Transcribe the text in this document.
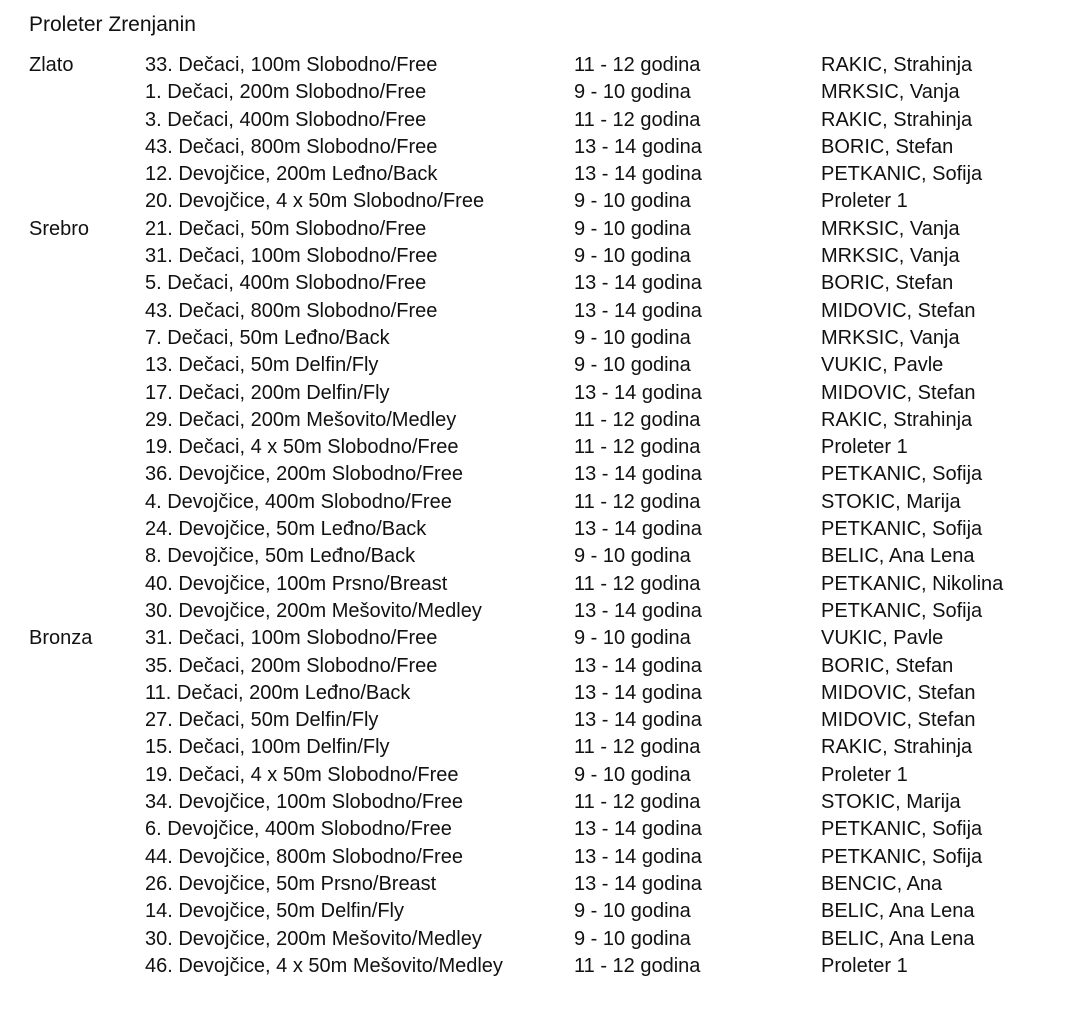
Proleter Zrenjanin
Zlato	33. Dečaci, 100m Slobodno/Free	11 - 12 godina	RAKIC, Strahinja
1. Dečaci, 200m Slobodno/Free	9 - 10 godina	MRKSIC, Vanja
3. Dečaci, 400m Slobodno/Free	11 - 12 godina	RAKIC, Strahinja
43. Dečaci, 800m Slobodno/Free	13 - 14 godina	BORIC, Stefan
12. Devojčice, 200m Leđno/Back	13 - 14 godina	PETKANIC, Sofija
20. Devojčice, 4 x 50m Slobodno/Free	9 - 10 godina	Proleter 1
Srebro	21. Dečaci, 50m Slobodno/Free	9 - 10 godina	MRKSIC, Vanja
31. Dečaci, 100m Slobodno/Free	9 - 10 godina	MRKSIC, Vanja
5. Dečaci, 400m Slobodno/Free	13 - 14 godina	BORIC, Stefan
43. Dečaci, 800m Slobodno/Free	13 - 14 godina	MIDOVIC, Stefan
7. Dečaci, 50m Leđno/Back	9 - 10 godina	MRKSIC, Vanja
13. Dečaci, 50m Delfin/Fly	9 - 10 godina	VUKIC, Pavle
17. Dečaci, 200m Delfin/Fly	13 - 14 godina	MIDOVIC, Stefan
29. Dečaci, 200m Mešovito/Medley	11 - 12 godina	RAKIC, Strahinja
19. Dečaci, 4 x 50m Slobodno/Free	11 - 12 godina	Proleter 1
36. Devojčice, 200m Slobodno/Free	13 - 14 godina	PETKANIC, Sofija
4. Devojčice, 400m Slobodno/Free	11 - 12 godina	STOKIC, Marija
24. Devojčice, 50m Leđno/Back	13 - 14 godina	PETKANIC, Sofija
8. Devojčice, 50m Leđno/Back	9 - 10 godina	BELIC, Ana Lena
40. Devojčice, 100m Prsno/Breast	11 - 12 godina	PETKANIC, Nikolina
30. Devojčice, 200m Mešovito/Medley	13 - 14 godina	PETKANIC, Sofija
Bronza	31. Dečaci, 100m Slobodno/Free	9 - 10 godina	VUKIC, Pavle
35. Dečaci, 200m Slobodno/Free	13 - 14 godina	BORIC, Stefan
11. Dečaci, 200m Leđno/Back	13 - 14 godina	MIDOVIC, Stefan
27. Dečaci, 50m Delfin/Fly	13 - 14 godina	MIDOVIC, Stefan
15. Dečaci, 100m Delfin/Fly	11 - 12 godina	RAKIC, Strahinja
19. Dečaci, 4 x 50m Slobodno/Free	9 - 10 godina	Proleter 1
34. Devojčice, 100m Slobodno/Free	11 - 12 godina	STOKIC, Marija
6. Devojčice, 400m Slobodno/Free	13 - 14 godina	PETKANIC, Sofija
44. Devojčice, 800m Slobodno/Free	13 - 14 godina	PETKANIC, Sofija
26. Devojčice, 50m Prsno/Breast	13 - 14 godina	BENCIC, Ana
14. Devojčice, 50m Delfin/Fly	9 - 10 godina	BELIC, Ana Lena
30. Devojčice, 200m Mešovito/Medley	9 - 10 godina	BELIC, Ana Lena
46. Devojčice, 4 x 50m Mešovito/Medley	11 - 12 godina	Proleter 1
